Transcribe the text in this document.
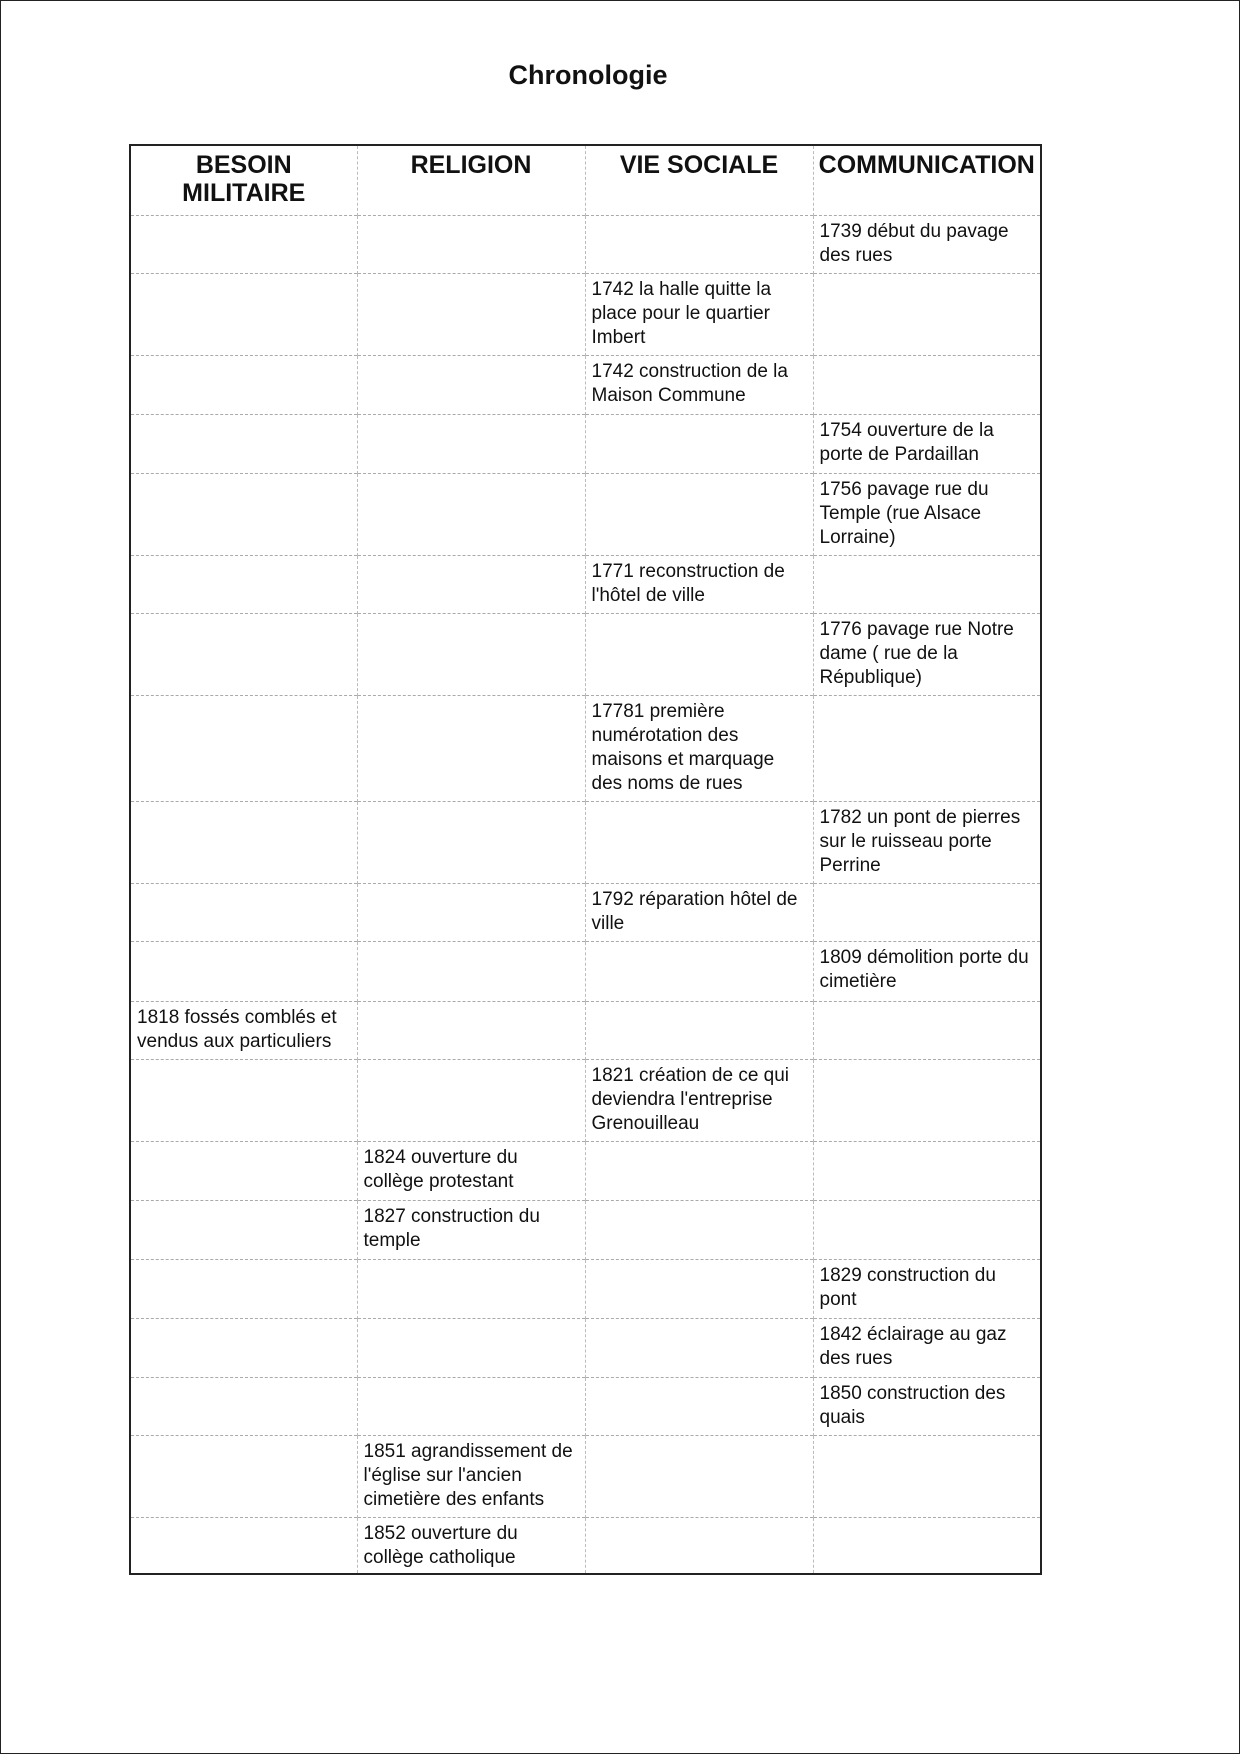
Chronologie
BESOIN MILITAIRE	RELIGION	VIE SOCIALE	COMMUNICATION
			1739 début du pavage des rues
		1742 la halle quitte la place pour le quartier Imbert	
		1742 construction de la Maison Commune	
			1754 ouverture de la porte de Pardaillan
			1756 pavage rue du Temple (rue Alsace Lorraine)
		1771 reconstruction de l'hôtel de ville	
			1776 pavage rue Notre dame ( rue de la République)
		17781 première numérotation des maisons et marquage des noms de rues	
			1782 un pont de pierres sur le ruisseau porte Perrine
		1792 réparation hôtel de ville	
			1809 démolition porte du cimetière
1818 fossés comblés et vendus aux particuliers			
		1821 création de ce qui deviendra l'entreprise Grenouilleau	
	1824 ouverture du collège protestant		
	1827 construction du temple		
			1829 construction du pont
			1842 éclairage au gaz des rues
			1850 construction des quais
	1851 agrandissement de l'église sur l'ancien cimetière des enfants		
	1852 ouverture du collège catholique		
